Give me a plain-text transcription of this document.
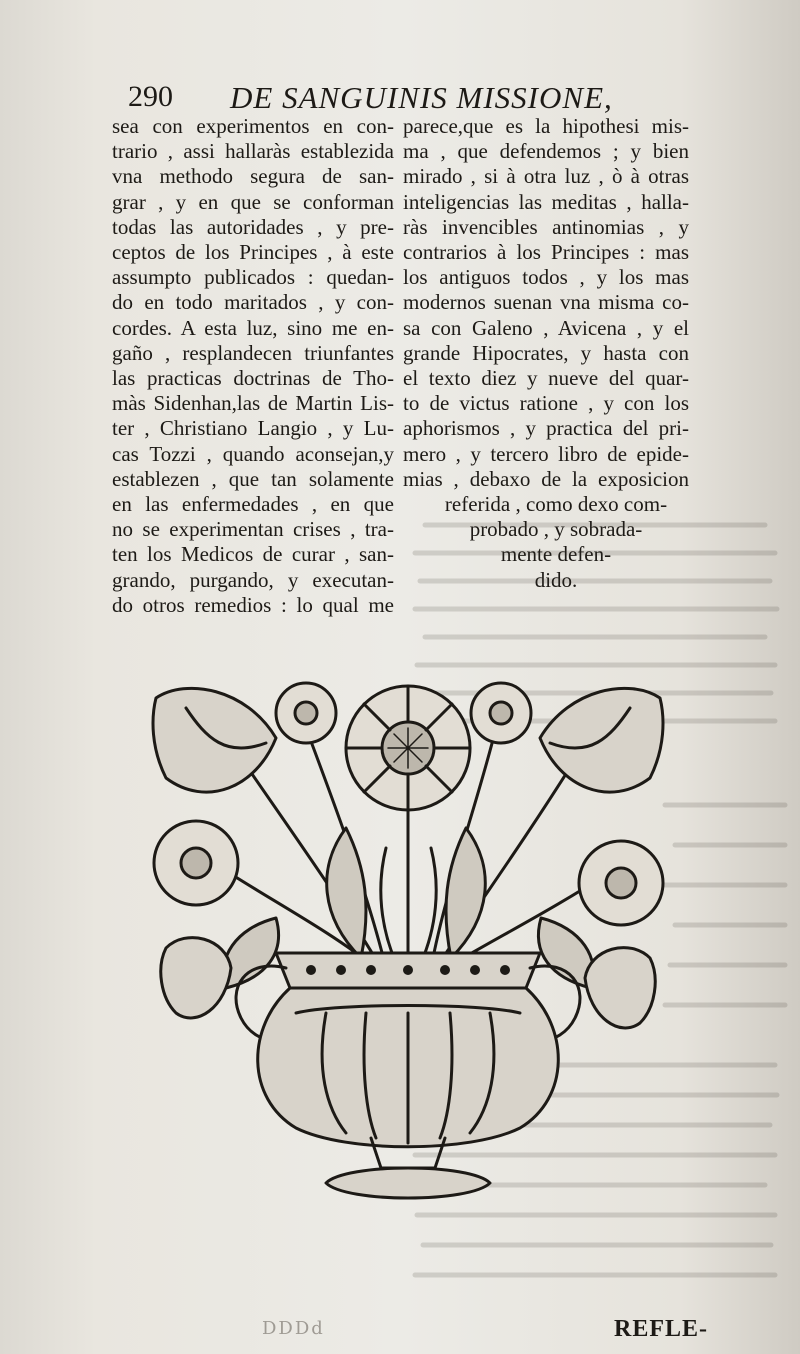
290 DE SANGUINIS MISSIONE,
sea con experimentos en con-
trario , assi hallaràs establezida
vna methodo segura de san-
grar , y en que se conforman
todas las autoridades , y pre-
ceptos de los Principes , à este
assumpto publicados : quedan-
do en todo maritados , y con-
cordes. A esta luz, sino me en-
gaño , resplandecen triunfantes
las practicas doctrinas de Tho-
màs Sidenhan,las de Martin Lis-
ter , Christiano Langio , y Lu-
cas Tozzi , quando aconsejan,y
establezen , que tan solamente
en las enfermedades , en que
no se experimentan crises , tra-
ten los Medicos de curar , san-
grando, purgando, y executan-
do otros remedios : lo qual me
parece,que es la hipothesi mis-
ma , que defendemos ; y bien
mirado , si à otra luz , ò à otras
inteligencias las meditas , halla-
ràs invencibles antinomias , y
contrarios à los Principes : mas
los antiguos todos , y los mas
modernos suenan vna misma co-
sa con Galeno , Avicena , y el
grande Hipocrates, y hasta con
el texto diez y nueve del quar-
to de victus ratione , y con los
aphorismos , y practica del pri-
mero , y tercero libro de epide-
mias , debaxo de la exposicion
referida , como dexo com-
probado , y sobrada-
mente defen-
dido.
DDDd	REFLE-
